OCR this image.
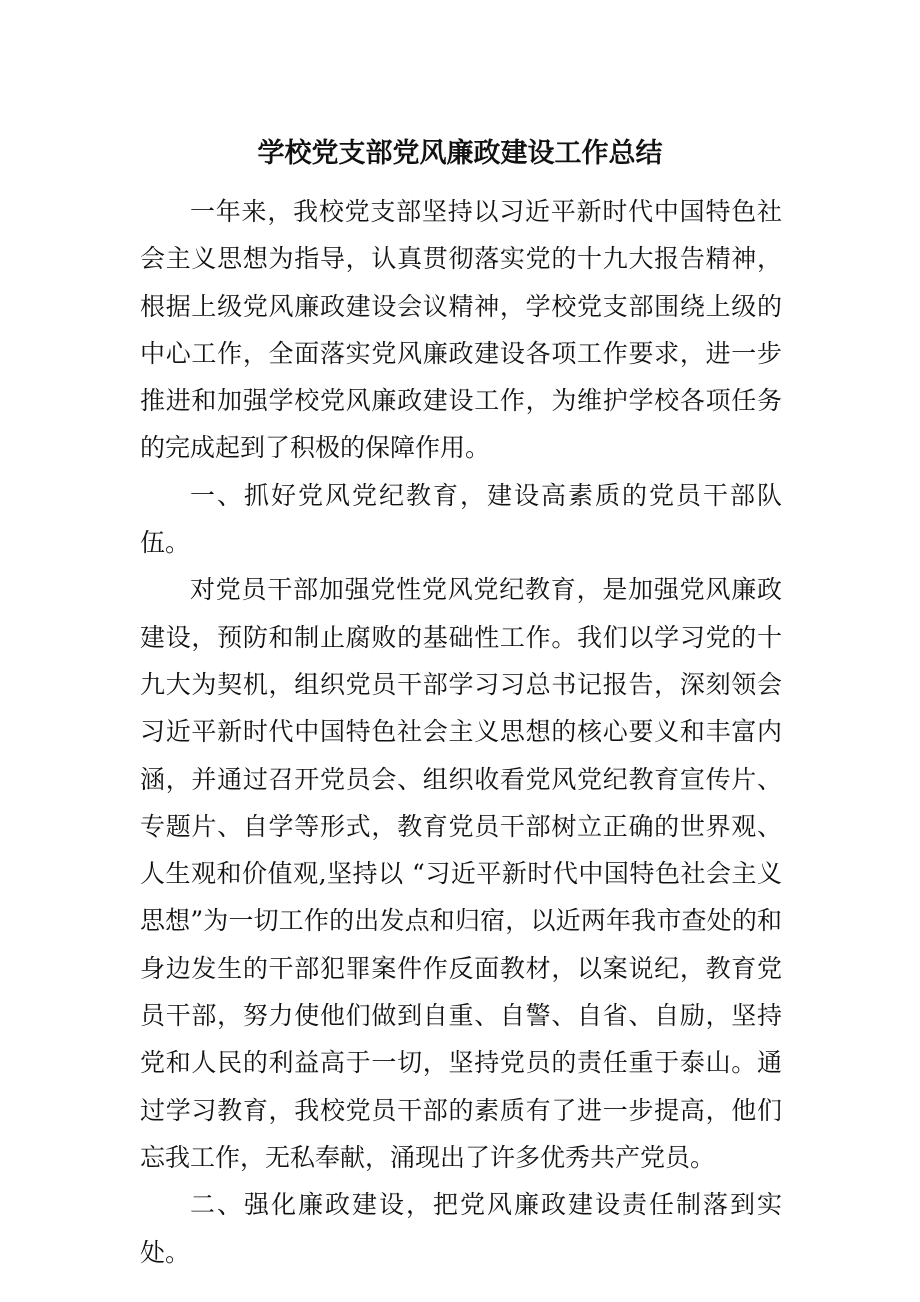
学校党支部党风廉政建设工作总结

一年来，我校党支部坚持以习近平新时代中国特色社会主义思想为指导，认真贯彻落实党的十九大报告精神，根据上级党风廉政建设会议精神，学校党支部围绕上级的中心工作，全面落实党风廉政建设各项工作要求，进一步推进和加强学校党风廉政建设工作，为维护学校各项任务的完成起到了积极的保障作用。

一、抓好党风党纪教育，建设高素质的党员干部队伍。

对党员干部加强党性党风党纪教育，是加强党风廉政建设，预防和制止腐败的基础性工作。我们以学习党的十九大为契机，组织党员干部学习习总书记报告，深刻领会习近平新时代中国特色社会主义思想的核心要义和丰富内涵，并通过召开党员会、组织收看党风党纪教育宣传片、专题片、自学等形式，教育党员干部树立正确的世界观、人生观和价值观,坚持以 “习近平新时代中国特色社会主义思想”为一切工作的出发点和归宿，以近两年我市查处的和身边发生的干部犯罪案件作反面教材，以案说纪，教育党员干部，努力使他们做到自重、自警、自省、自励，坚持党和人民的利益高于一切，坚持党员的责任重于泰山。通过学习教育，我校党员干部的素质有了进一步提高，他们忘我工作，无私奉献，涌现出了许多优秀共产党员。

二、强化廉政建设，把党风廉政建设责任制落到实处。
